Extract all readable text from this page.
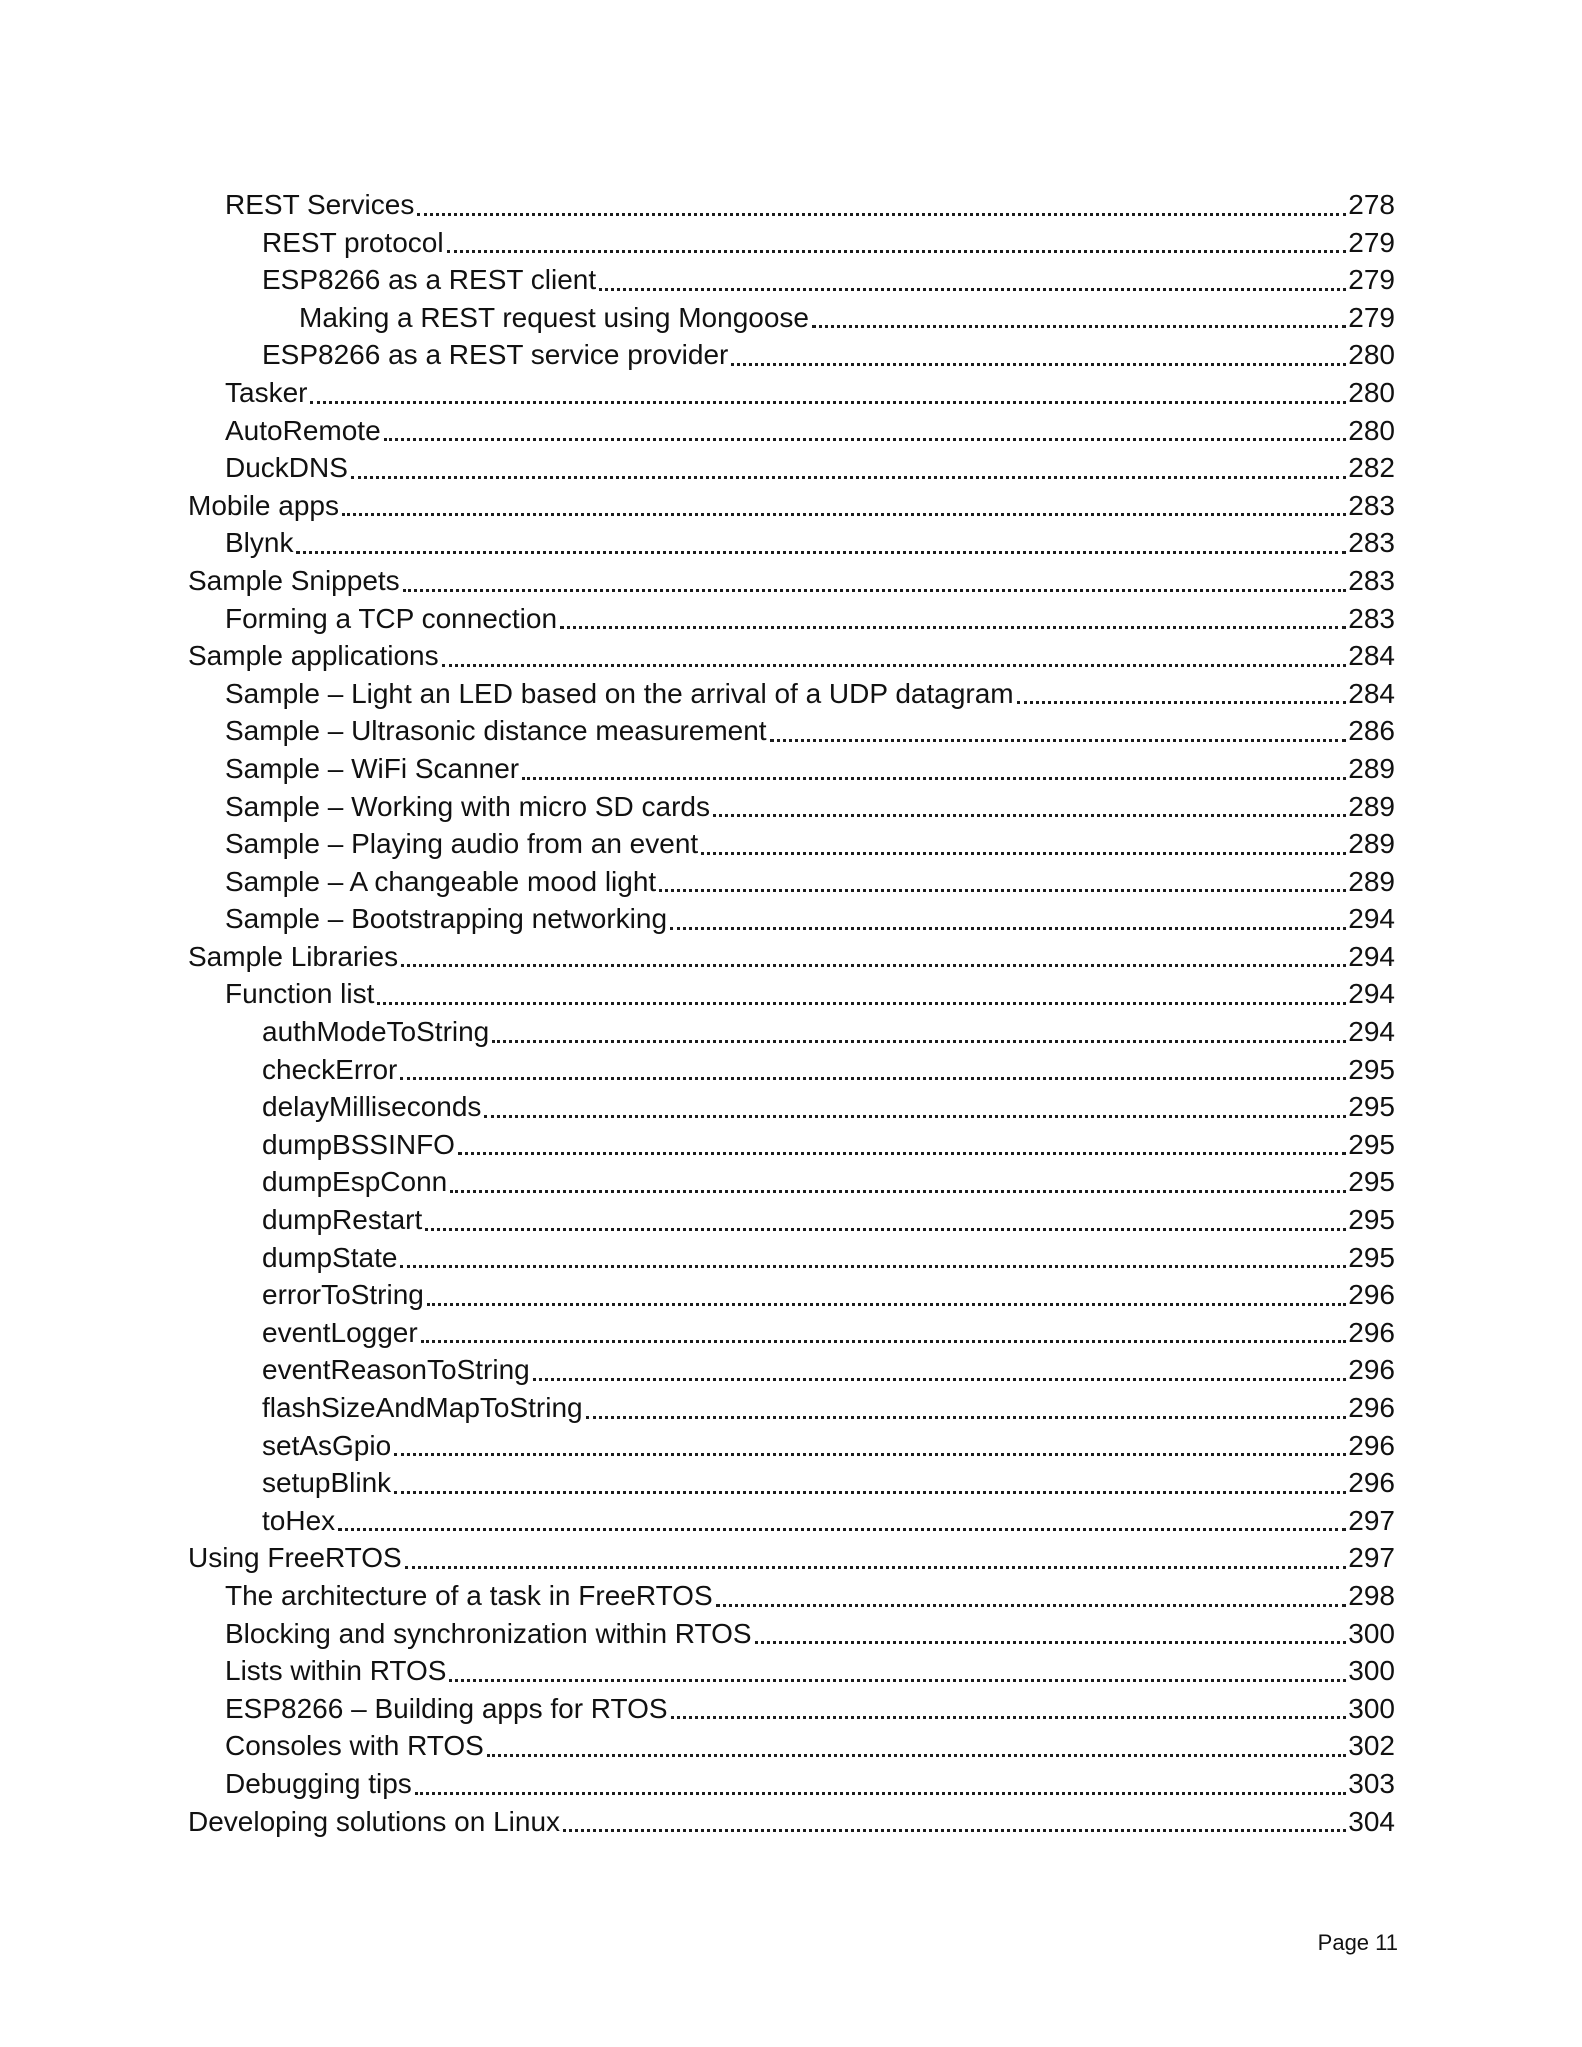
REST Services	278
REST protocol	279
ESP8266 as a REST client	279
Making a REST request using Mongoose	279
ESP8266 as a REST service provider	280
Tasker	280
AutoRemote	280
DuckDNS	282
Mobile apps	283
Blynk	283
Sample Snippets	283
Forming a TCP connection	283
Sample applications	284
Sample – Light an LED based on the arrival of a UDP datagram	284
Sample – Ultrasonic distance measurement	286
Sample – WiFi Scanner	289
Sample – Working with micro SD cards	289
Sample – Playing audio from an event	289
Sample – A changeable mood light	289
Sample – Bootstrapping networking	294
Sample Libraries	294
Function list	294
authModeToString	294
checkError	295
delayMilliseconds	295
dumpBSSINFO	295
dumpEspConn	295
dumpRestart	295
dumpState	295
errorToString	296
eventLogger	296
eventReasonToString	296
flashSizeAndMapToString	296
setAsGpio	296
setupBlink	296
toHex	297
Using FreeRTOS	297
The architecture of a task in FreeRTOS	298
Blocking and synchronization within RTOS	300
Lists within RTOS	300
ESP8266 – Building apps for RTOS	300
Consoles with RTOS	302
Debugging tips	303
Developing solutions on Linux	304
Page 11
